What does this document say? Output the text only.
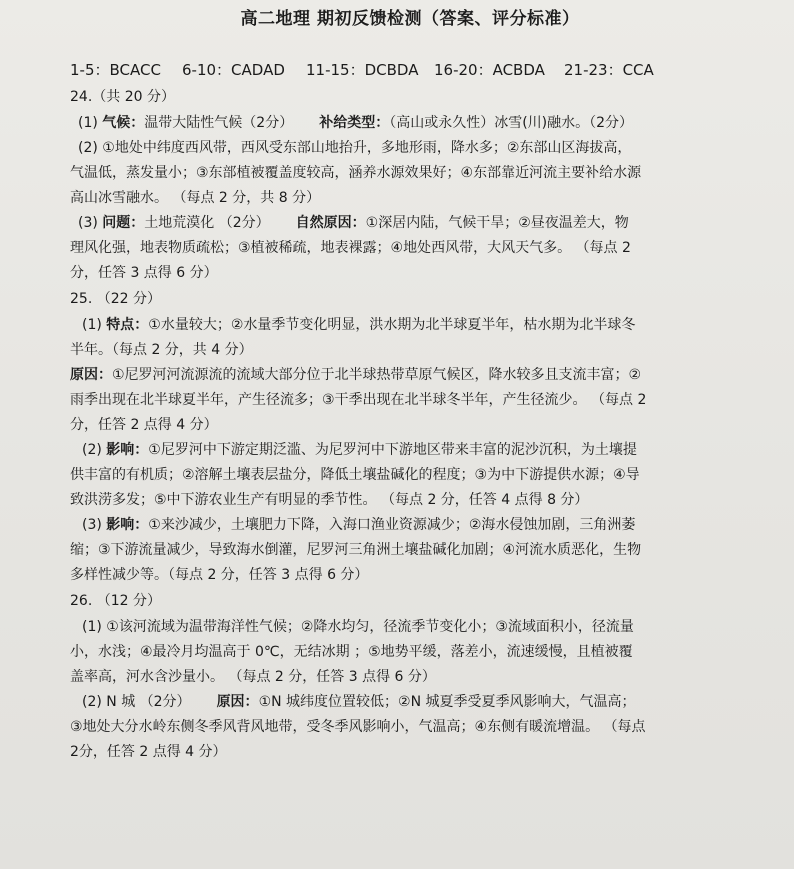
高二地理 期初反馈检测（答案、评分标准）
1-5：BCACC	6-10：CADAD	11-15：DCBDA	16-20：ACBDA	21-23：CCA
24.（共 20 分）
(1) 气候：温带大陆性气候（2分） 补给类型：（高山或永久性）冰雪(川)融水。（2分）
(2) ①地处中纬度西风带，西风受东部山地抬升，多地形雨，降水多；②东部山区海拔高，
气温低，蒸发量小；③东部植被覆盖度较高，涵养水源效果好；④东部靠近河流主要补给水源
高山冰雪融水。 （每点 2 分，共 8 分）
(3) 问题：土地荒漠化 （2分） 自然原因：①深居内陆，气候干旱；②昼夜温差大，物
理风化强，地表物质疏松；③植被稀疏，地表裸露；④地处西风带，大风天气多。 （每点 2
分，任答 3 点得 6 分）
25. （22 分）
(1) 特点：①水量较大；②水量季节变化明显，洪水期为北半球夏半年，枯水期为北半球冬
半年。（每点 2 分，共 4 分）
原因：①尼罗河河流源流的流域大部分位于北半球热带草原气候区，降水较多且支流丰富；②
雨季出现在北半球夏半年，产生径流多；③干季出现在北半球冬半年，产生径流少。 （每点 2
分，任答 2 点得 4 分）
(2) 影响：①尼罗河中下游定期泛滥、为尼罗河中下游地区带来丰富的泥沙沉积，为土壤提
供丰富的有机质；②溶解土壤表层盐分，降低土壤盐碱化的程度；③为中下游提供水源；④导
致洪涝多发；⑤中下游农业生产有明显的季节性。 （每点 2 分，任答 4 点得 8 分）
(3) 影响：①来沙减少，土壤肥力下降，入海口渔业资源减少；②海水侵蚀加剧，三角洲萎
缩；③下游流量减少，导致海水倒灌，尼罗河三角洲土壤盐碱化加剧；④河流水质恶化，生物
多样性减少等。（每点 2 分，任答 3 点得 6 分）
26. （12 分）
(1) ①该河流域为温带海洋性气候；②降水均匀，径流季节变化小；③流域面积小，径流量
小，水浅；④最冷月均温高于 0℃，无结冰期 ；⑤地势平缓，落差小，流速缓慢，且植被覆
盖率高，河水含沙量小。 （每点 2 分，任答 3 点得 6 分）
(2) N 城 （2分） 原因：①N 城纬度位置较低；②N 城夏季受夏季风影响大，气温高；
③地处大分水岭东侧冬季风背风地带，受冬季风影响小，气温高；④东侧有暖流增温。 （每点
2分，任答 2 点得 4 分）
